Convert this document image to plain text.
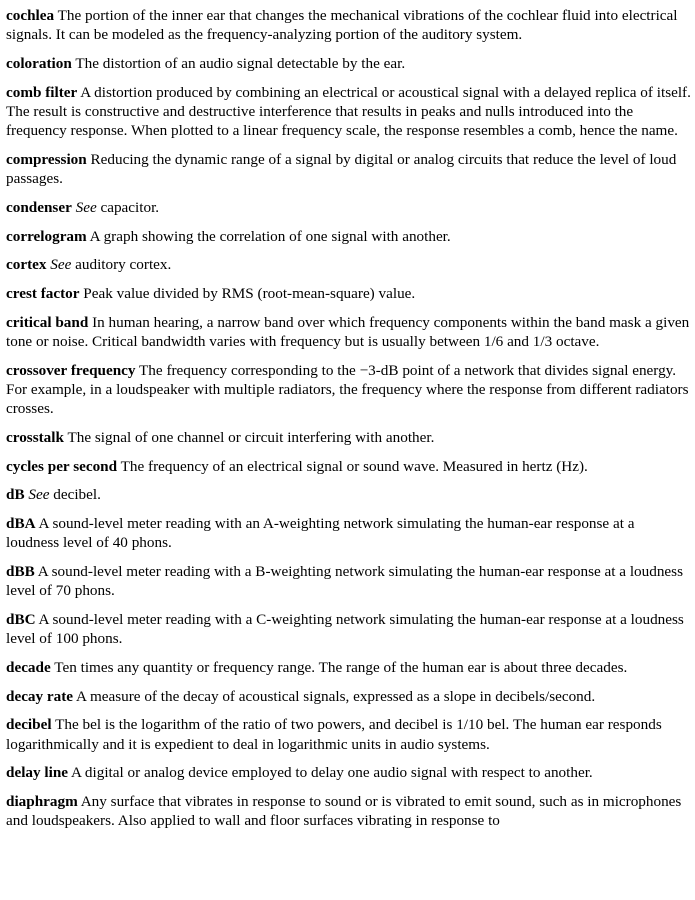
cochlea The portion of the inner ear that changes the mechanical vibrations of the cochlear fluid into electrical signals. It can be modeled as the frequency-analyzing portion of the auditory system.

coloration The distortion of an audio signal detectable by the ear.

comb filter A distortion produced by combining an electrical or acoustical signal with a delayed replica of itself. The result is constructive and destructive interference that results in peaks and nulls introduced into the frequency response. When plotted to a linear frequency scale, the response resembles a comb, hence the name.

compression Reducing the dynamic range of a signal by digital or analog circuits that reduce the level of loud passages.

condenser See capacitor.

correlogram A graph showing the correlation of one signal with another.

cortex See auditory cortex.

crest factor Peak value divided by RMS (root-mean-square) value.

critical band In human hearing, a narrow band over which frequency components within the band mask a given tone or noise. Critical bandwidth varies with frequency but is usually between 1/6 and 1/3 octave.

crossover frequency The frequency corresponding to the −3-dB point of a network that divides signal energy. For example, in a loudspeaker with multiple radiators, the frequency where the response from different radiators crosses.

crosstalk The signal of one channel or circuit interfering with another.

cycles per second The frequency of an electrical signal or sound wave. Measured in hertz (Hz).

dB See decibel.

dBA A sound-level meter reading with an A-weighting network simulating the human-ear response at a loudness level of 40 phons.

dBB A sound-level meter reading with a B-weighting network simulating the human-ear response at a loudness level of 70 phons.

dBC A sound-level meter reading with a C-weighting network simulating the human-ear response at a loudness level of 100 phons.

decade Ten times any quantity or frequency range. The range of the human ear is about three decades.

decay rate A measure of the decay of acoustical signals, expressed as a slope in decibels/second.

decibel The bel is the logarithm of the ratio of two powers, and decibel is 1/10 bel. The human ear responds logarithmically and it is expedient to deal in logarithmic units in audio systems.

delay line A digital or analog device employed to delay one audio signal with respect to another.

diaphragm Any surface that vibrates in response to sound or is vibrated to emit sound, such as in microphones and loudspeakers. Also applied to wall and floor surfaces vibrating in response to
